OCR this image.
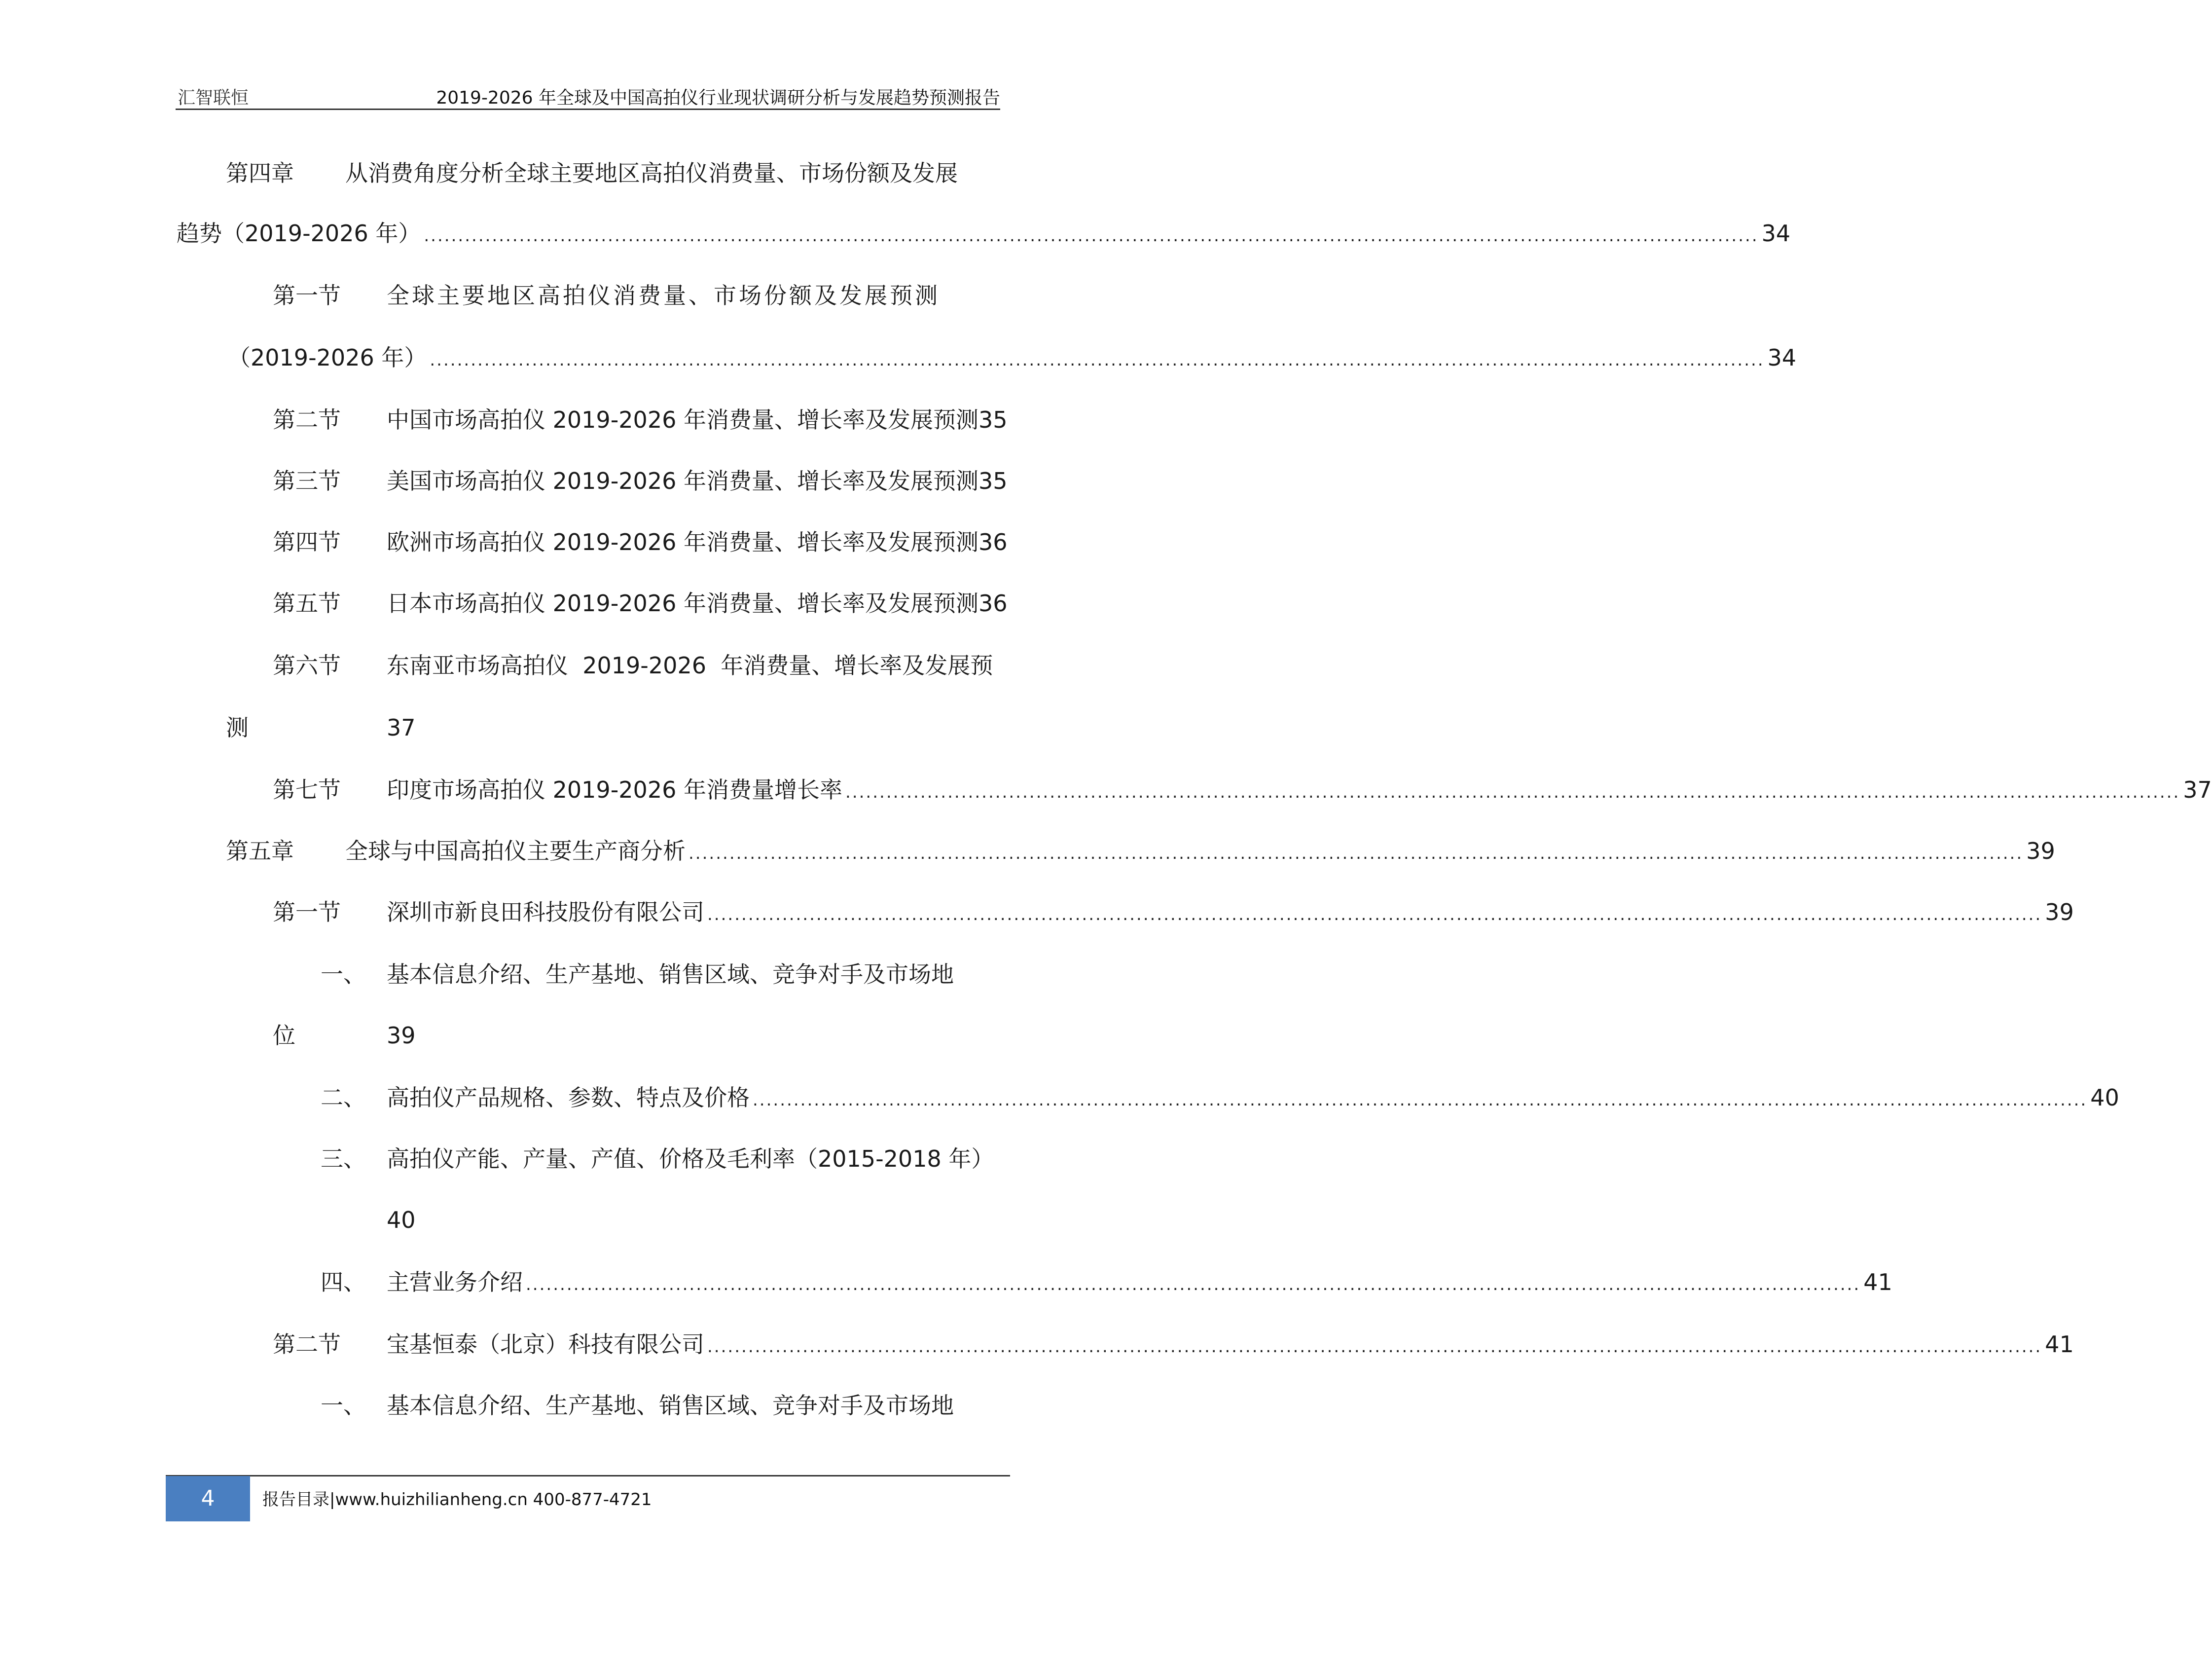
汇智联恒	2019-2026 年全球及中国高拍仪行业现状调研分析与发展趋势预测报告
第四章 从消费角度分析全球主要地区高拍仪消费量、市场份额及发展
趋势（2019-2026 年） .................................................................................................................................................................................................... 34
第一节 全球主要地区高拍仪消费量、市场份额及发展预测
（2019-2026 年） .................................................................................................................................................................................................... 34
第二节 中国市场高拍仪 2019-2026 年消费量、增长率及发展预测 35
第三节 美国市场高拍仪 2019-2026 年消费量、增长率及发展预测 35
第四节 欧洲市场高拍仪 2019-2026 年消费量、增长率及发展预测 36
第五节 日本市场高拍仪 2019-2026 年消费量、增长率及发展预测 36
第六节 东南亚市场高拍仪  2019-2026  年消费量、增长率及发展预
测	37
第七节 印度市场高拍仪 2019-2026 年消费量增长率 .................................................................................................................................................................................................... 37
第五章 全球与中国高拍仪主要生产商分析 .................................................................................................................................................................................................... 39
第一节 深圳市新良田科技股份有限公司 .................................................................................................................................................................................................... 39
一、 基本信息介绍、生产基地、销售区域、竞争对手及市场地
位	39
二、 高拍仪产品规格、参数、特点及价格 .................................................................................................................................................................................................... 40
三、 高拍仪产能、产量、产值、价格及毛利率（2015-2018 年）
40
四、 主营业务介绍 .................................................................................................................................................................................................... 41
第二节 宝基恒泰（北京）科技有限公司 .................................................................................................................................................................................................... 41
一、 基本信息介绍、生产基地、销售区域、竞争对手及市场地
4	报告目录|www.huizhilianheng.cn 400-877-4721
